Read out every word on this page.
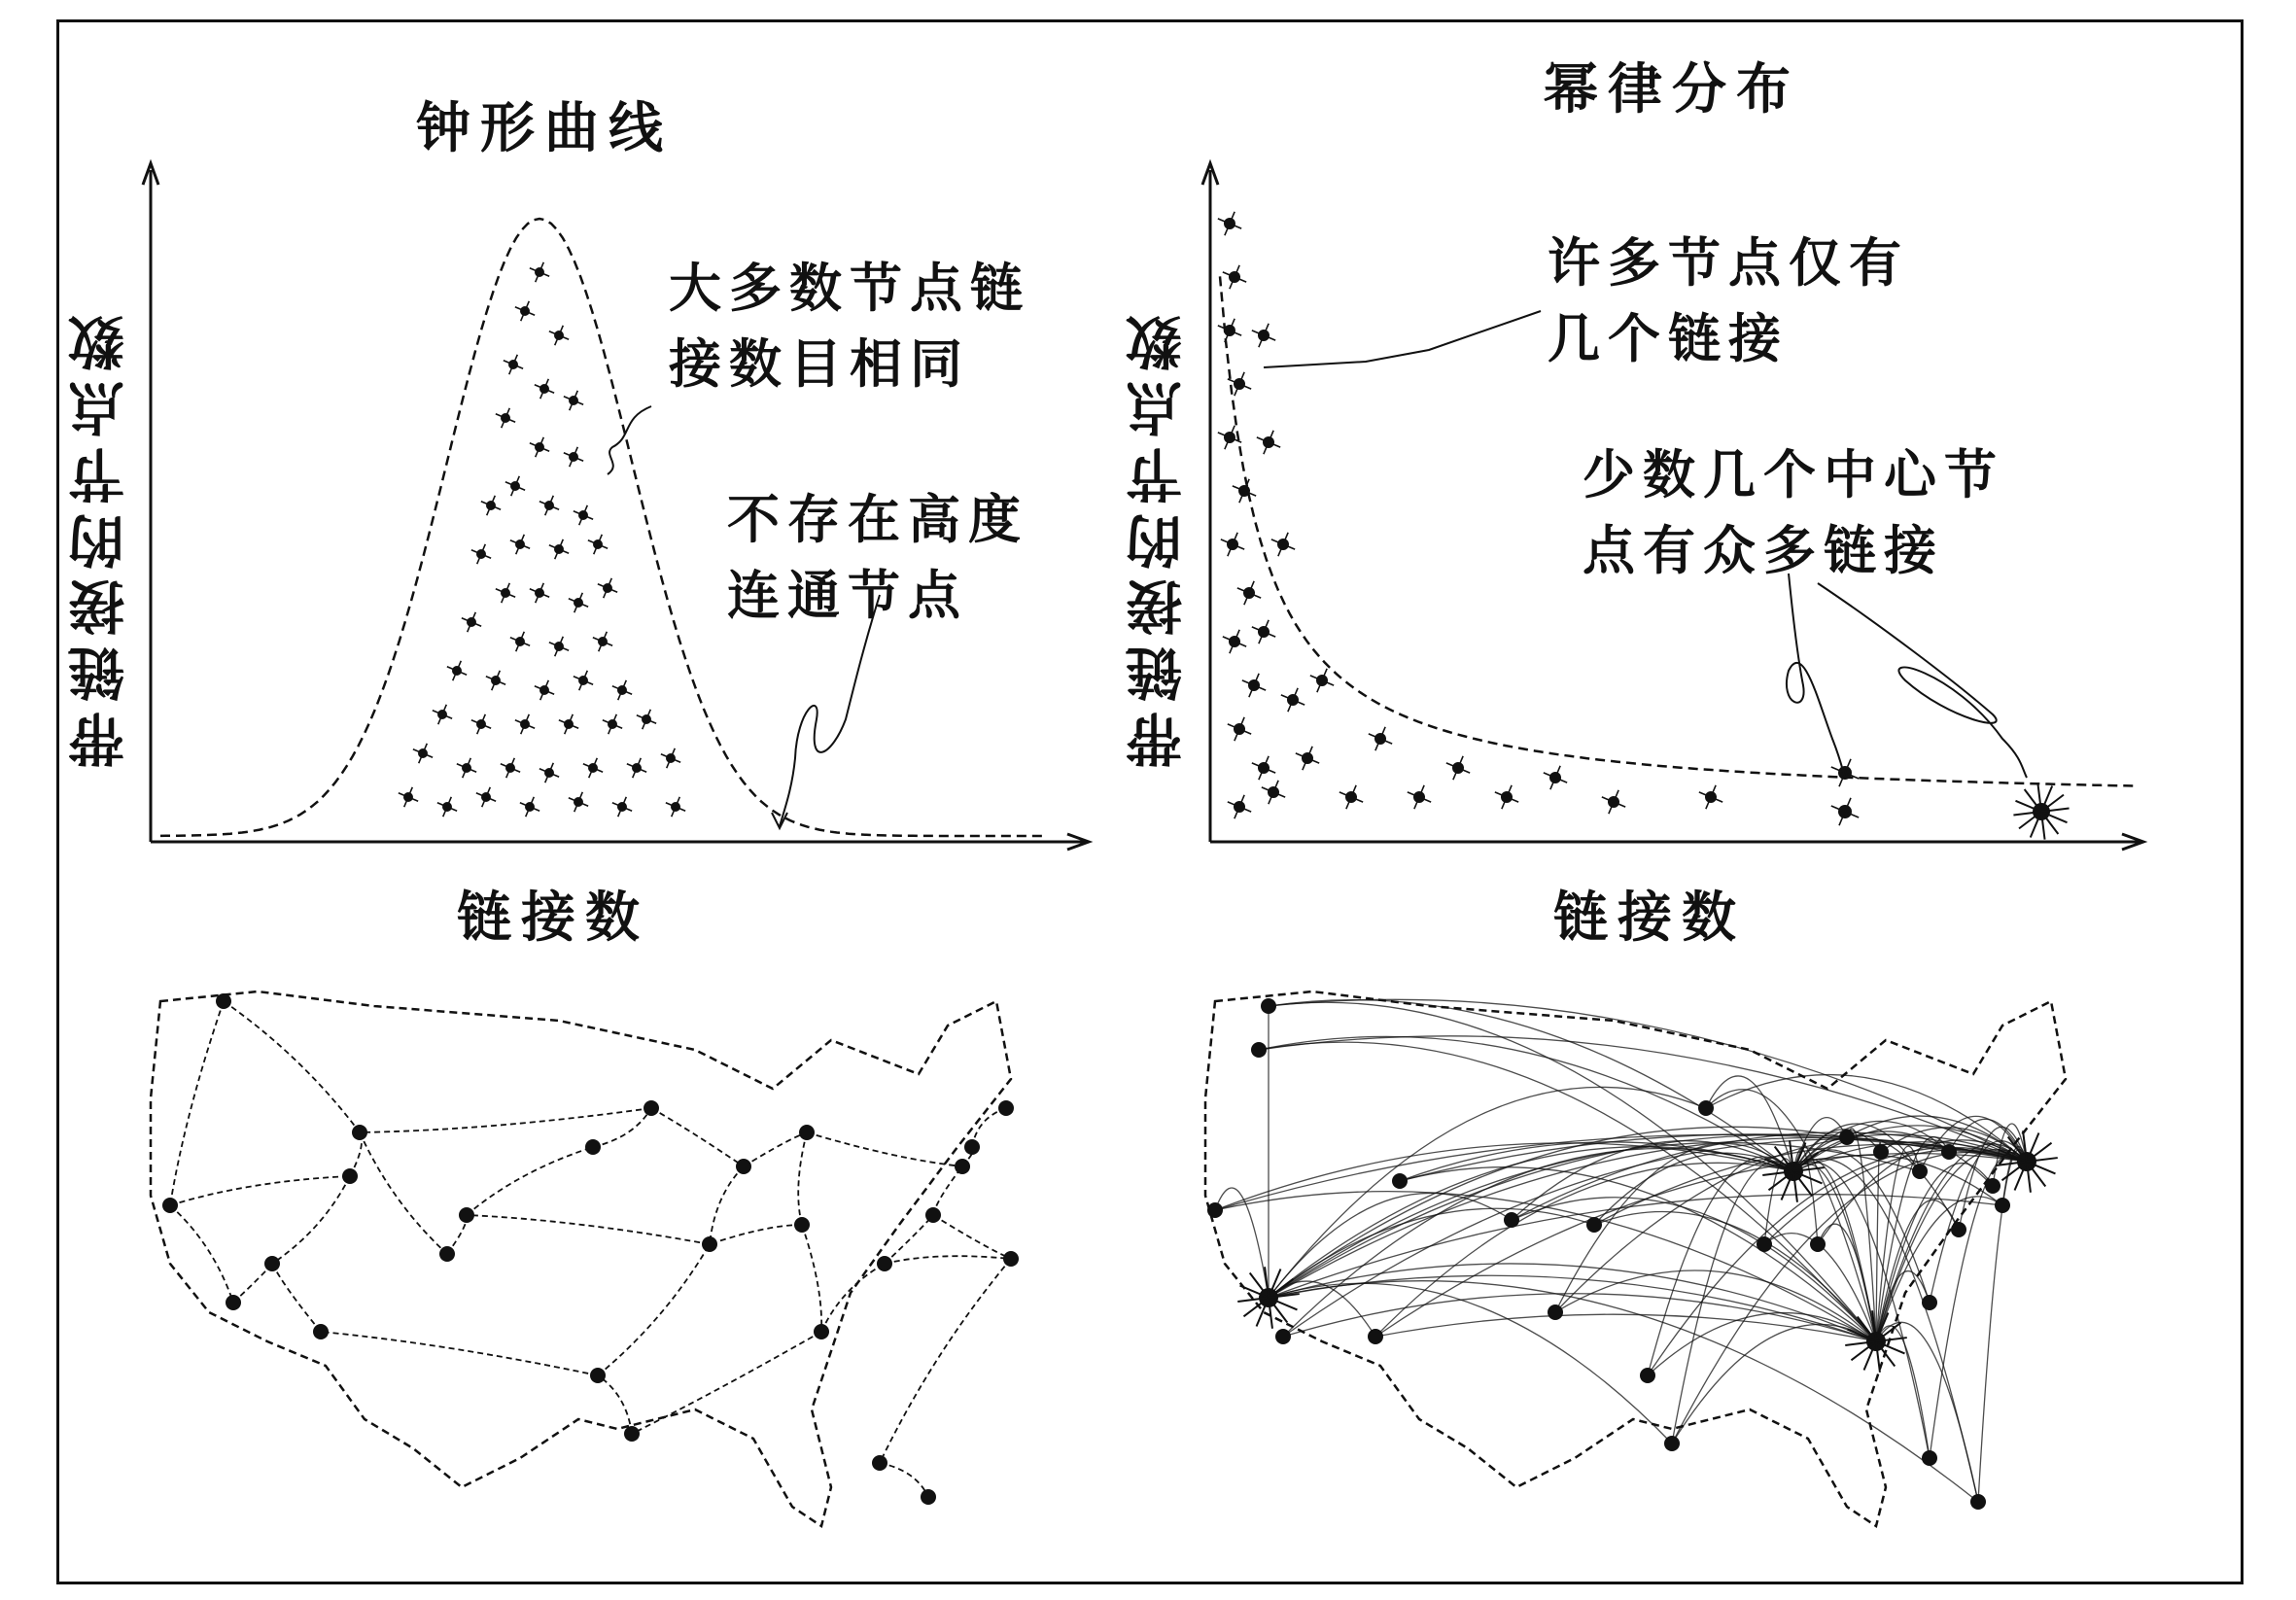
钟形曲线
带链接的节点数
链接数
大多数节点链
接数目相同
不存在高度
连通节点
幂律分布
带链接的节点数
链接数
许多节点仅有
几个链接
少数几个中心节
点有众多链接
